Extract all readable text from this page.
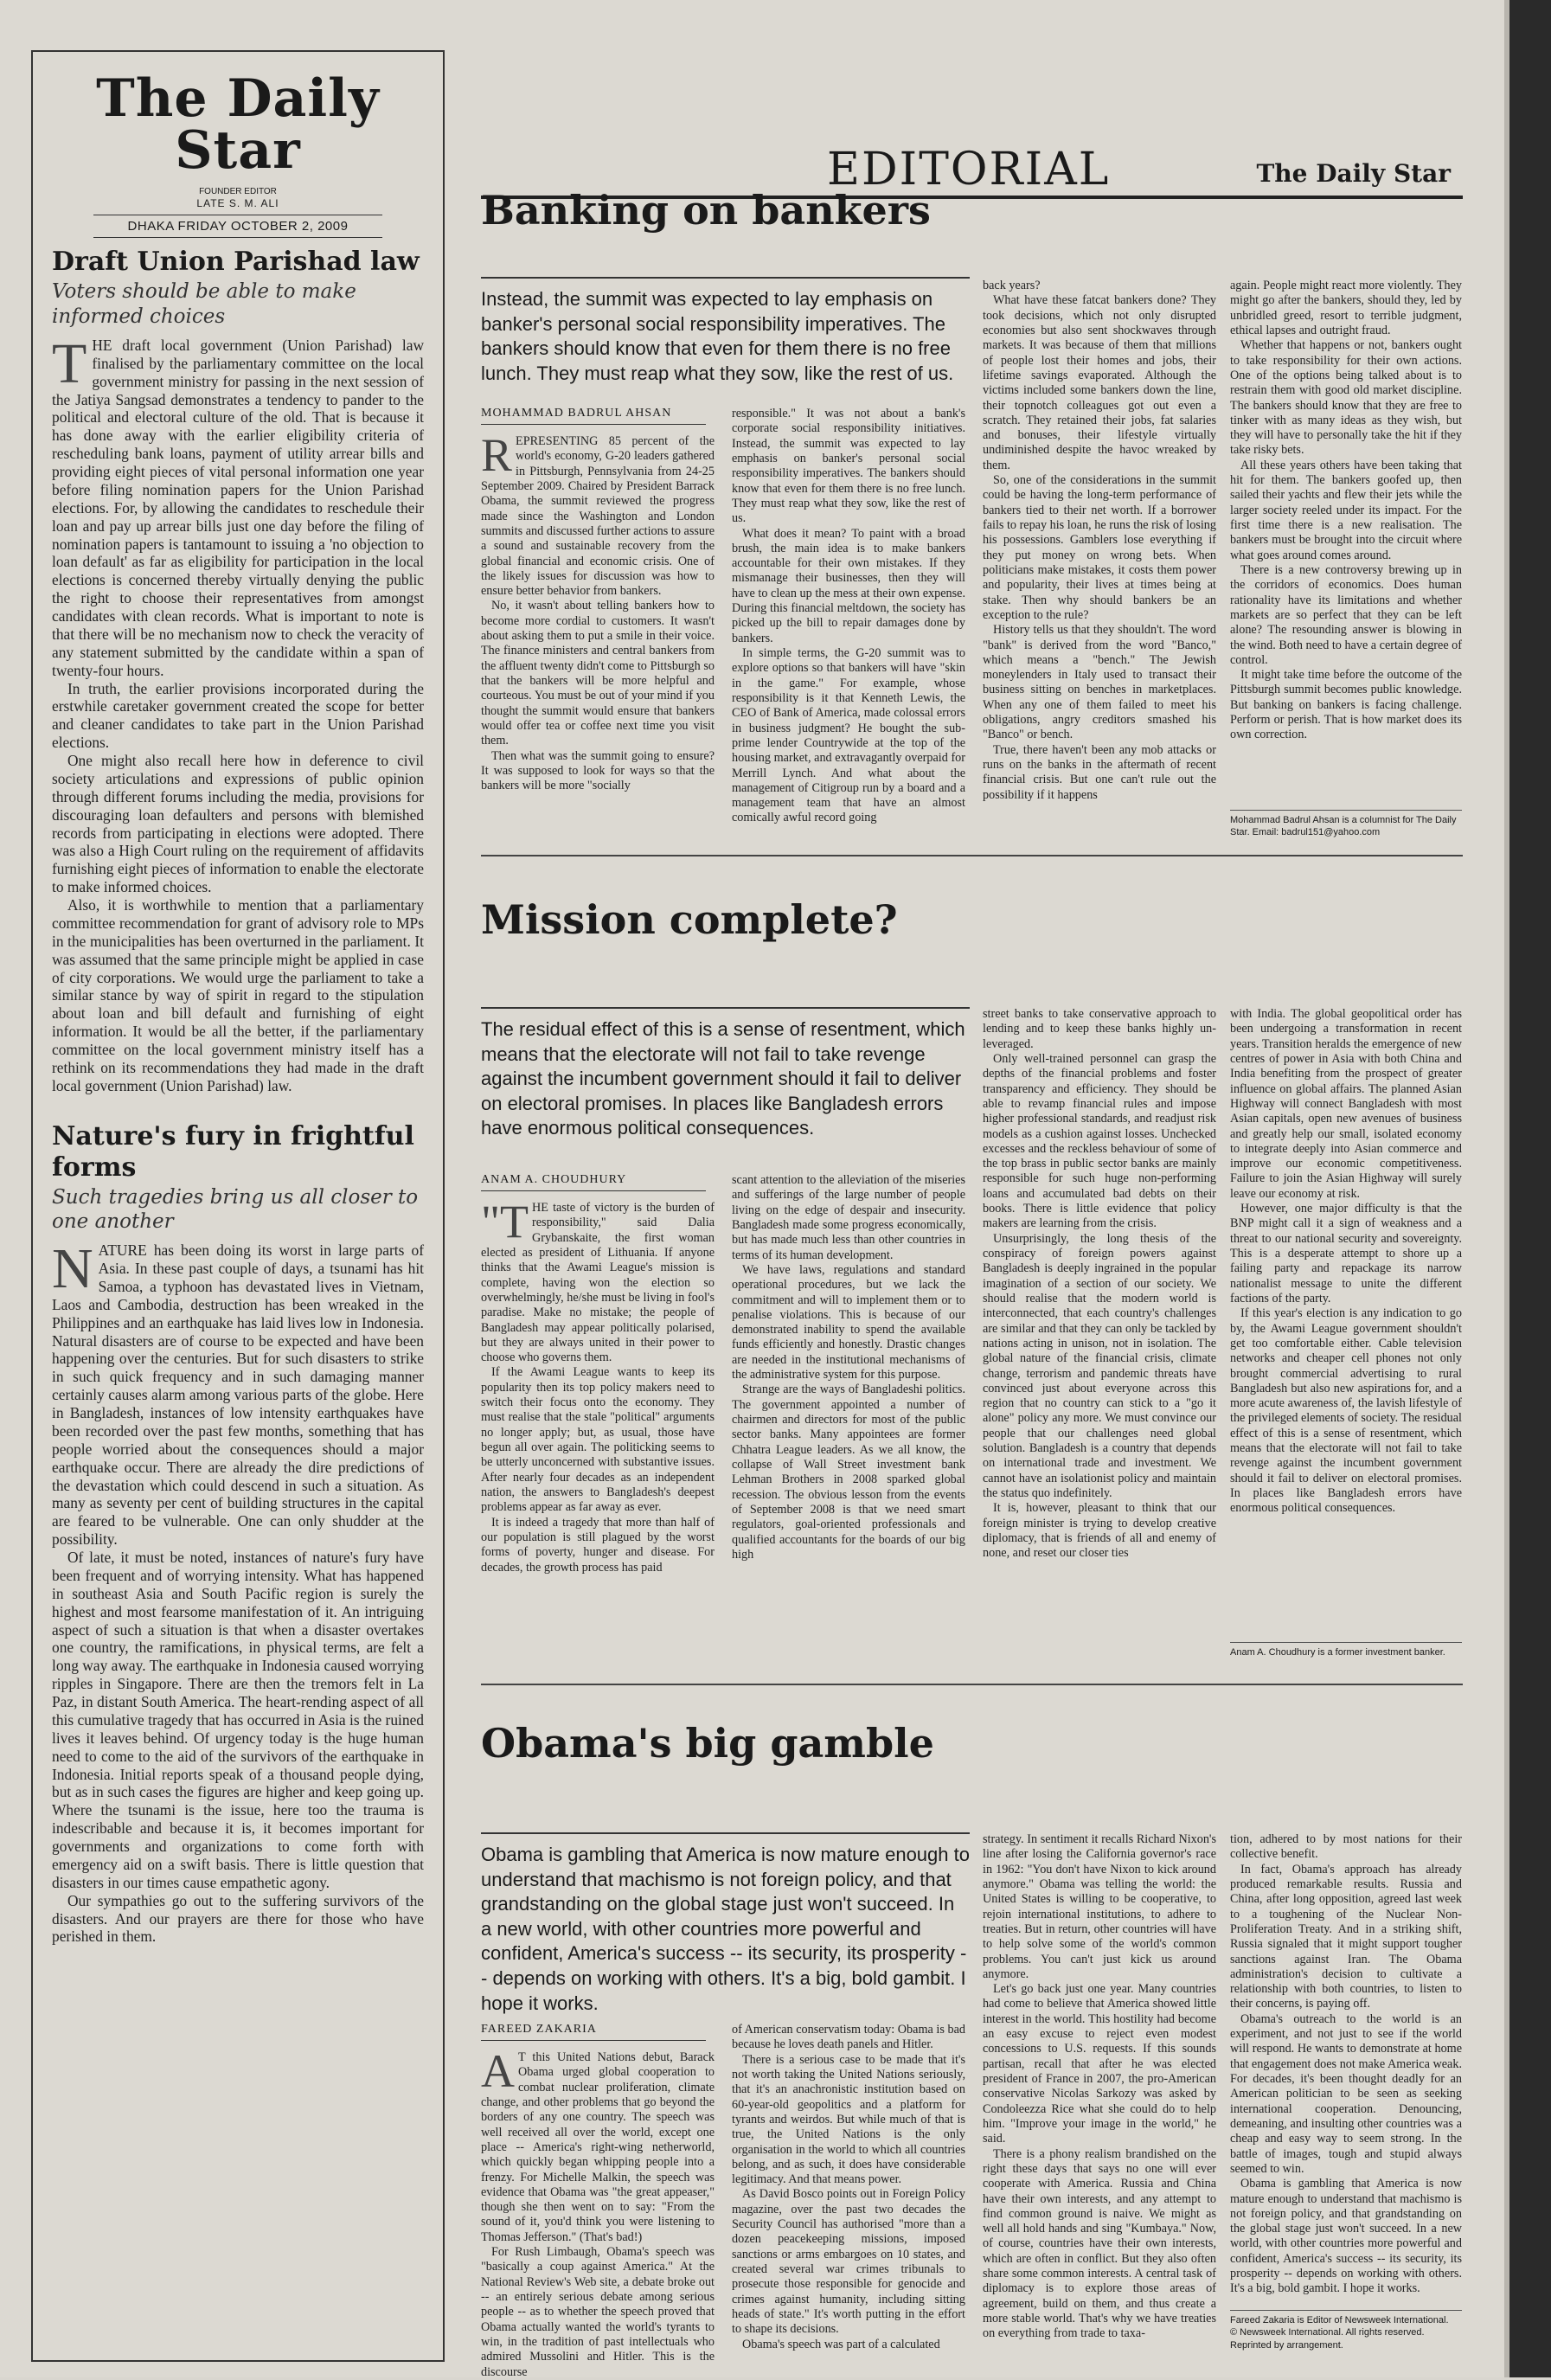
The Daily Star
FOUNDER EDITOR
LATE S. M. ALI
DHAKA FRIDAY OCTOBER 2, 2009
Draft Union Parishad law
Voters should be able to make informed choices

THE draft local government (Union Parishad) law finalised by the parliamentary committee on the local government ministry for passing in the next session of the Jatiya Sangsad demonstrates a tendency to pander to the political and electoral culture of the old. That is because it has done away with the earlier eligibility criteria of rescheduling bank loans, payment of utility arrear bills and providing eight pieces of vital personal information one year before filing nomination papers for the Union Parishad elections. For, by allowing the candidates to reschedule their loan and pay up arrear bills just one day before the filing of nomination papers is tantamount to issuing a 'no objection to loan default' as far as eligibility for participation in the local elections is concerned thereby virtually denying the public the right to choose their representatives from amongst candidates with clean records. What is important to note is that there will be no mechanism now to check the veracity of any statement submitted by the candidate within a span of twenty-four hours.

In truth, the earlier provisions incorporated during the erstwhile caretaker government created the scope for better and cleaner candidates to take part in the Union Parishad elections.

One might also recall here how in deference to civil society articulations and expressions of public opinion through different forums including the media, provisions for discouraging loan defaulters and persons with blemished records from participating in elections were adopted. There was also a High Court ruling on the requirement of affidavits furnishing eight pieces of information to enable the electorate to make informed choices.

Also, it is worthwhile to mention that a parliamentary committee recommendation for grant of advisory role to MPs in the municipalities has been overturned in the parliament. It was assumed that the same principle might be applied in case of city corporations. We would urge the parliament to take a similar stance by way of spirit in regard to the stipulation about loan and bill default and furnishing of eight information. It would be all the better, if the parliamentary committee on the local government ministry itself has a rethink on its recommendations they had made in the draft local government (Union Parishad) law.

Nature's fury in frightful forms
Such tragedies bring us all closer to one another

NATURE has been doing its worst in large parts of Asia. In these past couple of days, a tsunami has hit Samoa, a typhoon has devastated lives in Vietnam, Laos and Cambodia, destruction has been wreaked in the Philippines and an earthquake has laid lives low in Indonesia. Natural disasters are of course to be expected and have been happening over the centuries. But for such disasters to strike in such quick frequency and in such damaging manner certainly causes alarm among various parts of the globe. Here in Bangladesh, instances of low intensity earthquakes have been recorded over the past few months, something that has people worried about the consequences should a major earthquake occur. There are already the dire predictions of the devastation which could descend in such a situation. As many as seventy per cent of building structures in the capital are feared to be vulnerable. One can only shudder at the possibility.

Of late, it must be noted, instances of nature's fury have been frequent and of worrying intensity. What has happened in southeast Asia and South Pacific region is surely the highest and most fearsome manifestation of it. An intriguing aspect of such a situation is that when a disaster overtakes one country, the ramifications, in physical terms, are felt a long way away. The earthquake in Indonesia caused worrying ripples in Singapore. There are then the tremors felt in La Paz, in distant South America. The heart-rending aspect of all this cumulative tragedy that has occurred in Asia is the ruined lives it leaves behind. Of urgency today is the huge human need to come to the aid of the survivors of the earthquake in Indonesia. Initial reports speak of a thousand people dying, but as in such cases the figures are higher and keep going up. Where the tsunami is the issue, here too the trauma is indescribable and because it is, it becomes important for governments and organizations to come forth with emergency aid on a swift basis. There is little question that disasters in our times cause empathetic agony.

Our sympathies go out to the suffering survivors of the disasters. And our prayers are there for those who have perished in them.

EDITORIAL	The Daily Star
Banking on bankers
Instead, the summit was expected to lay emphasis on banker's personal social responsibility imperatives. The bankers should know that even for them there is no free lunch. They must reap what they sow, like the rest of us.
MOHAMMAD BADRUL AHSAN

REPRESENTING 85 percent of the world's economy, G-20 leaders gathered in Pittsburgh, Pennsylvania from 24-25 September 2009. Chaired by President Barrack Obama, the summit reviewed the progress made since the Washington and London summits and discussed further actions to assure a sound and sustainable recovery from the global financial and economic crisis. One of the likely issues for discussion was how to ensure better behavior from bankers.

No, it wasn't about telling bankers how to become more cordial to customers. It wasn't about asking them to put a smile in their voice. The finance ministers and central bankers from the affluent twenty didn't come to Pittsburgh so that the bankers will be more helpful and courteous. You must be out of your mind if you thought the summit would ensure that bankers would offer tea or coffee next time you visit them.

Then what was the summit going to ensure? It was supposed to look for ways so that the bankers will be more "socially

responsible." It was not about a bank's corporate social responsibility initiatives. Instead, the summit was expected to lay emphasis on banker's personal social responsibility imperatives. The bankers should know that even for them there is no free lunch. They must reap what they sow, like the rest of us.

What does it mean? To paint with a broad brush, the main idea is to make bankers accountable for their own mistakes. If they mismanage their businesses, then they will have to clean up the mess at their own expense. During this financial meltdown, the society has picked up the bill to repair damages done by bankers.

In simple terms, the G-20 summit was to explore options so that bankers will have "skin in the game." For example, whose responsibility is it that Kenneth Lewis, the CEO of Bank of America, made colossal errors in business judgment? He bought the sub-prime lender Countrywide at the top of the housing market, and extravagantly overpaid for Merrill Lynch. And what about the management of Citigroup run by a board and a management team that have an almost comically awful record going

back years?

What have these fatcat bankers done? They took decisions, which not only disrupted economies but also sent shockwaves through markets. It was because of them that millions of people lost their homes and jobs, their lifetime savings evaporated. Although the victims included some bankers down the line, their topnotch colleagues got out even a scratch. They retained their jobs, fat salaries and bonuses, their lifestyle virtually undiminished despite the havoc wreaked by them.

So, one of the considerations in the summit could be having the long-term performance of bankers tied to their net worth. If a borrower fails to repay his loan, he runs the risk of losing his possessions. Gamblers lose everything if they put money on wrong bets. When politicians make mistakes, it costs them power and popularity, their lives at times being at stake. Then why should bankers be an exception to the rule?

History tells us that they shouldn't. The word "bank" is derived from the word "Banco," which means a "bench." The Jewish moneylenders in Italy used to transact their business sitting on benches in marketplaces. When any one of them failed to meet his obligations, angry creditors smashed his "Banco" or bench.

True, there haven't been any mob attacks or runs on the banks in the aftermath of recent financial crisis. But one can't rule out the possibility if it happens

again. People might react more violently. They might go after the bankers, should they, led by unbridled greed, resort to terrible judgment, ethical lapses and outright fraud.

Whether that happens or not, bankers ought to take responsibility for their own actions. One of the options being talked about is to restrain them with good old market discipline. The bankers should know that they are free to tinker with as many ideas as they wish, but they will have to personally take the hit if they take risky bets.

All these years others have been taking that hit for them. The bankers goofed up, then sailed their yachts and flew their jets while the larger society reeled under its impact. For the first time there is a new realisation. The bankers must be brought into the circuit where what goes around comes around.

There is a new controversy brewing up in the corridors of economics. Does human rationality have its limitations and whether markets are so perfect that they can be left alone? The resounding answer is blowing in the wind. Both need to have a certain degree of control.

It might take time before the outcome of the Pittsburgh summit becomes public knowledge. But banking on bankers is facing challenge. Perform or perish. That is how market does its own correction.

Mohammad Badrul Ahsan is a columnist for The Daily Star. Email: badrul151@yahoo.com
Mission complete?
The residual effect of this is a sense of resentment, which means that the electorate will not fail to take revenge against the incumbent government should it fail to deliver on electoral promises. In places like Bangladesh errors have enormous political consequences.
ANAM A. CHOUDHURY

"THE taste of victory is the burden of responsibility," said Dalia Grybanskaite, the first woman elected as president of Lithuania. If anyone thinks that the Awami League's mission is complete, having won the election so overwhelmingly, he/she must be living in fool's paradise. Make no mistake; the people of Bangladesh may appear politically polarised, but they are always united in their power to choose who governs them.

If the Awami League wants to keep its popularity then its top policy makers need to switch their focus onto the economy. They must realise that the stale "political" arguments no longer apply; but, as usual, those have begun all over again. The politicking seems to be utterly unconcerned with substantive issues. After nearly four decades as an independent nation, the answers to Bangladesh's deepest problems appear as far away as ever.

It is indeed a tragedy that more than half of our population is still plagued by the worst forms of poverty, hunger and disease. For decades, the growth process has paid

scant attention to the alleviation of the miseries and sufferings of the large number of people living on the edge of despair and insecurity. Bangladesh made some progress economically, but has made much less than other countries in terms of its human development.

We have laws, regulations and standard operational procedures, but we lack the commitment and will to implement them or to penalise violations. This is because of our demonstrated inability to spend the available funds efficiently and honestly. Drastic changes are needed in the institutional mechanisms of the administrative system for this purpose.

Strange are the ways of Bangladeshi politics. The government appointed a number of chairmen and directors for most of the public sector banks. Many appointees are former Chhatra League leaders. As we all know, the collapse of Wall Street investment bank Lehman Brothers in 2008 sparked global recession. The obvious lesson from the events of September 2008 is that we need smart regulators, goal-oriented professionals and qualified accountants for the boards of our big high

street banks to take conservative approach to lending and to keep these banks highly un-leveraged.

Only well-trained personnel can grasp the depths of the financial problems and foster transparency and efficiency. They should be able to revamp financial rules and impose higher professional standards, and readjust risk models as a cushion against losses. Unchecked excesses and the reckless behaviour of some of the top brass in public sector banks are mainly responsible for such huge non-performing loans and accumulated bad debts on their books. There is little evidence that policy makers are learning from the crisis.

Unsurprisingly, the long thesis of the conspiracy of foreign powers against Bangladesh is deeply ingrained in the popular imagination of a section of our society. We should realise that the modern world is interconnected, that each country's challenges are similar and that they can only be tackled by nations acting in unison, not in isolation. The global nature of the financial crisis, climate change, terrorism and pandemic threats have convinced just about everyone across this region that no country can stick to a "go it alone" policy any more. We must convince our people that our challenges need global solution. Bangladesh is a country that depends on international trade and investment. We cannot have an isolationist policy and maintain the status quo indefinitely.

It is, however, pleasant to think that our foreign minister is trying to develop creative diplomacy, that is friends of all and enemy of none, and reset our closer ties

with India. The global geopolitical order has been undergoing a transformation in recent years. Transition heralds the emergence of new centres of power in Asia with both China and India benefiting from the prospect of greater influence on global affairs. The planned Asian Highway will connect Bangladesh with most Asian capitals, open new avenues of business and greatly help our small, isolated economy to integrate deeply into Asian commerce and improve our economic competitiveness. Failure to join the Asian Highway will surely leave our economy at risk.

However, one major difficulty is that the BNP might call it a sign of weakness and a threat to our national security and sovereignty. This is a desperate attempt to shore up a failing party and repackage its narrow nationalist message to unite the different factions of the party.

If this year's election is any indication to go by, the Awami League government shouldn't get too comfortable either. Cable television networks and cheaper cell phones not only brought commercial advertising to rural Bangladesh but also new aspirations for, and a more acute awareness of, the lavish lifestyle of the privileged elements of society. The residual effect of this is a sense of resentment, which means that the electorate will not fail to take revenge against the incumbent government should it fail to deliver on electoral promises. In places like Bangladesh errors have enormous political consequences.

Anam A. Choudhury is a former investment banker.
Obama's big gamble
Obama is gambling that America is now mature enough to understand that machismo is not foreign policy, and that grandstanding on the global stage just won't succeed. In a new world, with other countries more powerful and confident, America's success -- its security, its prosperity -- depends on working with others. It's a big, bold gambit. I hope it works.
FAREED ZAKARIA

A T this United Nations debut, Barack Obama urged global cooperation to combat nuclear proliferation, climate change, and other problems that go beyond the borders of any one country. The speech was well received all over the world, except one place -- America's right-wing netherworld, which quickly began whipping people into a frenzy. For Michelle Malkin, the speech was evidence that Obama was "the great appeaser," though she then went on to say: "From the sound of it, you'd think you were listening to Thomas Jefferson." (That's bad!)

For Rush Limbaugh, Obama's speech was "basically a coup against America." At the National Review's Web site, a debate broke out -- an entirely serious debate among serious people -- as to whether the speech proved that Obama actually wanted the world's tyrants to win, in the tradition of past intellectuals who admired Mussolini and Hitler. This is the discourse

of American conservatism today: Obama is bad because he loves death panels and Hitler.

There is a serious case to be made that it's not worth taking the United Nations seriously, that it's an anachronistic institution based on 60-year-old geopolitics and a platform for tyrants and weirdos. But while much of that is true, the United Nations is the only organisation in the world to which all countries belong, and as such, it does have considerable legitimacy. And that means power.

As David Bosco points out in Foreign Policy magazine, over the past two decades the Security Council has authorised "more than a dozen peacekeeping missions, imposed sanctions or arms embargoes on 10 states, and created several war crimes tribunals to prosecute those responsible for genocide and crimes against humanity, including sitting heads of state." It's worth putting in the effort to shape its decisions.

Obama's speech was part of a calculated

strategy. In sentiment it recalls Richard Nixon's line after losing the California governor's race in 1962: "You don't have Nixon to kick around anymore." Obama was telling the world: the United States is willing to be cooperative, to rejoin international institutions, to adhere to treaties. But in return, other countries will have to help solve some of the world's common problems. You can't just kick us around anymore.

Let's go back just one year. Many countries had come to believe that America showed little interest in the world. This hostility had become an easy excuse to reject even modest concessions to U.S. requests. If this sounds partisan, recall that after he was elected president of France in 2007, the pro-American conservative Nicolas Sarkozy was asked by Condoleezza Rice what she could do to help him. "Improve your image in the world," he said.

There is a phony realism brandished on the right these days that says no one will ever cooperate with America. Russia and China have their own interests, and any attempt to find common ground is naive. We might as well all hold hands and sing "Kumbaya." Now, of course, countries have their own interests, which are often in conflict. But they also often share some common interests. A central task of diplomacy is to explore those areas of agreement, build on them, and thus create a more stable world. That's why we have treaties on everything from trade to taxa-

tion, adhered to by most nations for their collective benefit.

In fact, Obama's approach has already produced remarkable results. Russia and China, after long opposition, agreed last week to a toughening of the Nuclear Non-Proliferation Treaty. And in a striking shift, Russia signaled that it might support tougher sanctions against Iran. The Obama administration's decision to cultivate a relationship with both countries, to listen to their concerns, is paying off.

Obama's outreach to the world is an experiment, and not just to see if the world will respond. He wants to demonstrate at home that engagement does not make America weak. For decades, it's been thought deadly for an American politician to be seen as seeking international cooperation. Denouncing, demeaning, and insulting other countries was a cheap and easy way to seem strong. In the battle of images, tough and stupid always seemed to win.

Obama is gambling that America is now mature enough to understand that machismo is not foreign policy, and that grandstanding on the global stage just won't succeed. In a new world, with other countries more powerful and confident, America's success -- its security, its prosperity -- depends on working with others. It's a big, bold gambit. I hope it works.

Fareed Zakaria is Editor of Newsweek International.
© Newsweek International. All rights reserved. Reprinted by arrangement.
